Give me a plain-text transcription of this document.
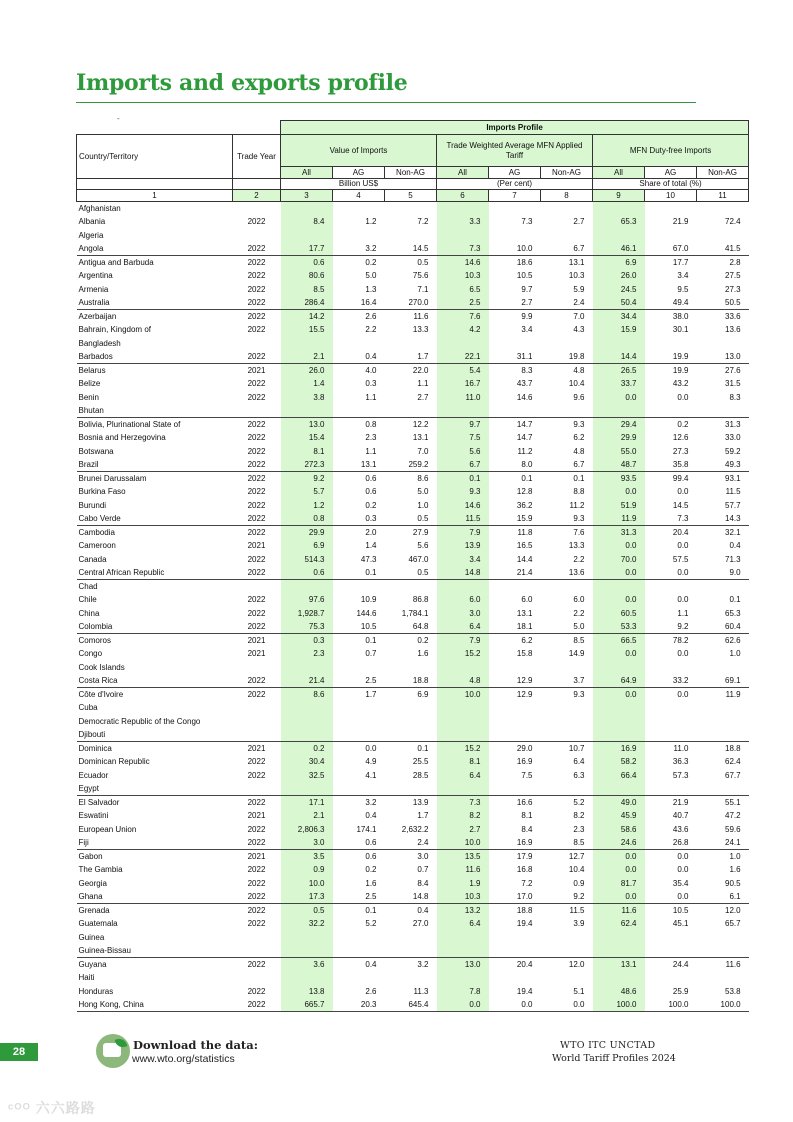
Imports and exports profile
-
		Imports Profile								
Country/Territory	Trade Year	Value of Imports			Trade Weighted Average MFN Applied Tariff			MFN Duty-free Imports		
		All	AG	Non-AG	All	AG	Non-AG	All	AG	Non-AG
		Billion US$			(Per cent)			Share of total (%)		
1	2	3	4	5	6	7	8	9	10	11
Afghanistan										
Albania	2022	8.4	1.2	7.2	3.3	7.3	2.7	65.3	21.9	72.4
Algeria										
Angola	2022	17.7	3.2	14.5	7.3	10.0	6.7	46.1	67.0	41.5
Antigua and Barbuda	2022	0.6	0.2	0.5	14.6	18.6	13.1	6.9	17.7	2.8
Argentina	2022	80.6	5.0	75.6	10.3	10.5	10.3	26.0	3.4	27.5
Armenia	2022	8.5	1.3	7.1	6.5	9.7	5.9	24.5	9.5	27.3
Australia	2022	286.4	16.4	270.0	2.5	2.7	2.4	50.4	49.4	50.5
Azerbaijan	2022	14.2	2.6	11.6	7.6	9.9	7.0	34.4	38.0	33.6
Bahrain, Kingdom of	2022	15.5	2.2	13.3	4.2	3.4	4.3	15.9	30.1	13.6
Bangladesh										
Barbados	2022	2.1	0.4	1.7	22.1	31.1	19.8	14.4	19.9	13.0
Belarus	2021	26.0	4.0	22.0	5.4	8.3	4.8	26.5	19.9	27.6
Belize	2022	1.4	0.3	1.1	16.7	43.7	10.4	33.7	43.2	31.5
Benin	2022	3.8	1.1	2.7	11.0	14.6	9.6	0.0	0.0	8.3
Bhutan										
Bolivia, Plurinational State of	2022	13.0	0.8	12.2	9.7	14.7	9.3	29.4	0.2	31.3
Bosnia and Herzegovina	2022	15.4	2.3	13.1	7.5	14.7	6.2	29.9	12.6	33.0
Botswana	2022	8.1	1.1	7.0	5.6	11.2	4.8	55.0	27.3	59.2
Brazil	2022	272.3	13.1	259.2	6.7	8.0	6.7	48.7	35.8	49.3
Brunei Darussalam	2022	9.2	0.6	8.6	0.1	0.1	0.1	93.5	99.4	93.1
Burkina Faso	2022	5.7	0.6	5.0	9.3	12.8	8.8	0.0	0.0	11.5
Burundi	2022	1.2	0.2	1.0	14.6	36.2	11.2	51.9	14.5	57.7
Cabo Verde	2022	0.8	0.3	0.5	11.5	15.9	9.3	11.9	7.3	14.3
Cambodia	2022	29.9	2.0	27.9	7.9	11.8	7.6	31.3	20.4	32.1
Cameroon	2021	6.9	1.4	5.6	13.9	16.5	13.3	0.0	0.0	0.4
Canada	2022	514.3	47.3	467.0	3.4	14.4	2.2	70.0	57.5	71.3
Central African Republic	2022	0.6	0.1	0.5	14.8	21.4	13.6	0.0	0.0	9.0
Chad										
Chile	2022	97.6	10.9	86.8	6.0	6.0	6.0	0.0	0.0	0.1
China	2022	1,928.7	144.6	1,784.1	3.0	13.1	2.2	60.5	1.1	65.3
Colombia	2022	75.3	10.5	64.8	6.4	18.1	5.0	53.3	9.2	60.4
Comoros	2021	0.3	0.1	0.2	7.9	6.2	8.5	66.5	78.2	62.6
Congo	2021	2.3	0.7	1.6	15.2	15.8	14.9	0.0	0.0	1.0
Cook Islands										
Costa Rica	2022	21.4	2.5	18.8	4.8	12.9	3.7	64.9	33.2	69.1
Côte d'Ivoire	2022	8.6	1.7	6.9	10.0	12.9	9.3	0.0	0.0	11.9
Cuba										
Democratic Republic of the Congo										
Djibouti										
Dominica	2021	0.2	0.0	0.1	15.2	29.0	10.7	16.9	11.0	18.8
Dominican Republic	2022	30.4	4.9	25.5	8.1	16.9	6.4	58.2	36.3	62.4
Ecuador	2022	32.5	4.1	28.5	6.4	7.5	6.3	66.4	57.3	67.7
Egypt										
El Salvador	2022	17.1	3.2	13.9	7.3	16.6	5.2	49.0	21.9	55.1
Eswatini	2021	2.1	0.4	1.7	8.2	8.1	8.2	45.9	40.7	47.2
European Union	2022	2,806.3	174.1	2,632.2	2.7	8.4	2.3	58.6	43.6	59.6
Fiji	2022	3.0	0.6	2.4	10.0	16.9	8.5	24.6	26.8	24.1
Gabon	2021	3.5	0.6	3.0	13.5	17.9	12.7	0.0	0.0	1.0
The Gambia	2022	0.9	0.2	0.7	11.6	16.8	10.4	0.0	0.0	1.6
Georgia	2022	10.0	1.6	8.4	1.9	7.2	0.9	81.7	35.4	90.5
Ghana	2022	17.3	2.5	14.8	10.3	17.0	9.2	0.0	0.0	6.1
Grenada	2022	0.5	0.1	0.4	13.2	18.8	11.5	11.6	10.5	12.0
Guatemala	2022	32.2	5.2	27.0	6.4	19.4	3.9	62.4	45.1	65.7
Guinea										
Guinea-Bissau										
Guyana	2022	3.6	0.4	3.2	13.0	20.4	12.0	13.1	24.4	11.6
Haiti										
Honduras	2022	13.8	2.6	11.3	7.8	19.4	5.1	48.6	25.9	53.8
Hong Kong, China	2022	665.7	20.3	645.4	0.0	0.0	0.0	100.0	100.0	100.0
28	Download the data:
www.wto.org/statistics
WTO ITC UNCTAD
World Tariff Profiles 2024
ᶜᴼᴼ 六六路路
